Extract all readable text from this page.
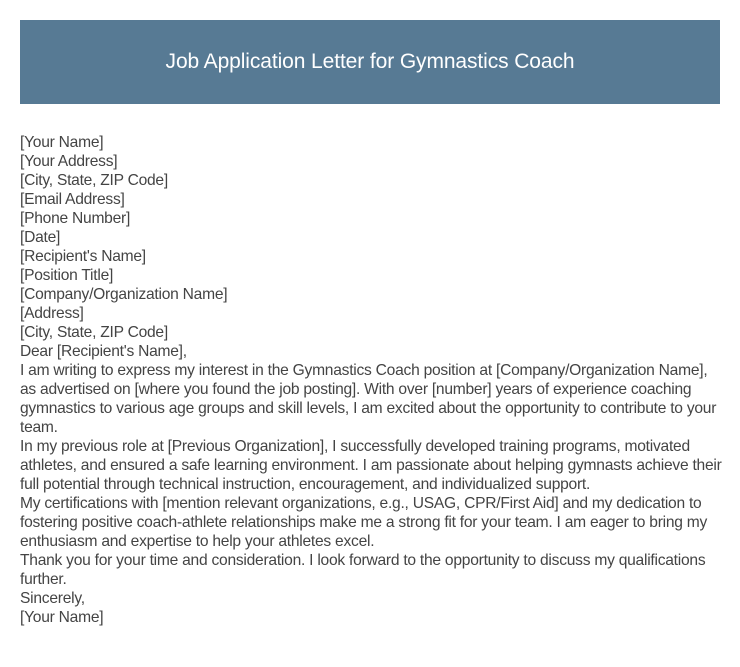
Job Application Letter for Gymnastics Coach
[Your Name]
[Your Address]
[City, State, ZIP Code]
[Email Address]
[Phone Number]
[Date]
[Recipient's Name]
[Position Title]
[Company/Organization Name]
[Address]
[City, State, ZIP Code]
Dear [Recipient's Name],

I am writing to express my interest in the Gymnastics Coach position at [Company/Organization Name], as advertised on [where you found the job posting]. With over [number] years of experience coaching gymnastics to various age groups and skill levels, I am excited about the opportunity to contribute to your team.

In my previous role at [Previous Organization], I successfully developed training programs, motivated athletes, and ensured a safe learning environment. I am passionate about helping gymnasts achieve their full potential through technical instruction, encouragement, and individualized support.

My certifications with [mention relevant organizations, e.g., USAG, CPR/First Aid] and my dedication to fostering positive coach-athlete relationships make me a strong fit for your team. I am eager to bring my enthusiasm and expertise to help your athletes excel.

Thank you for your time and consideration. I look forward to the opportunity to discuss my qualifications further.

Sincerely,
[Your Name]
